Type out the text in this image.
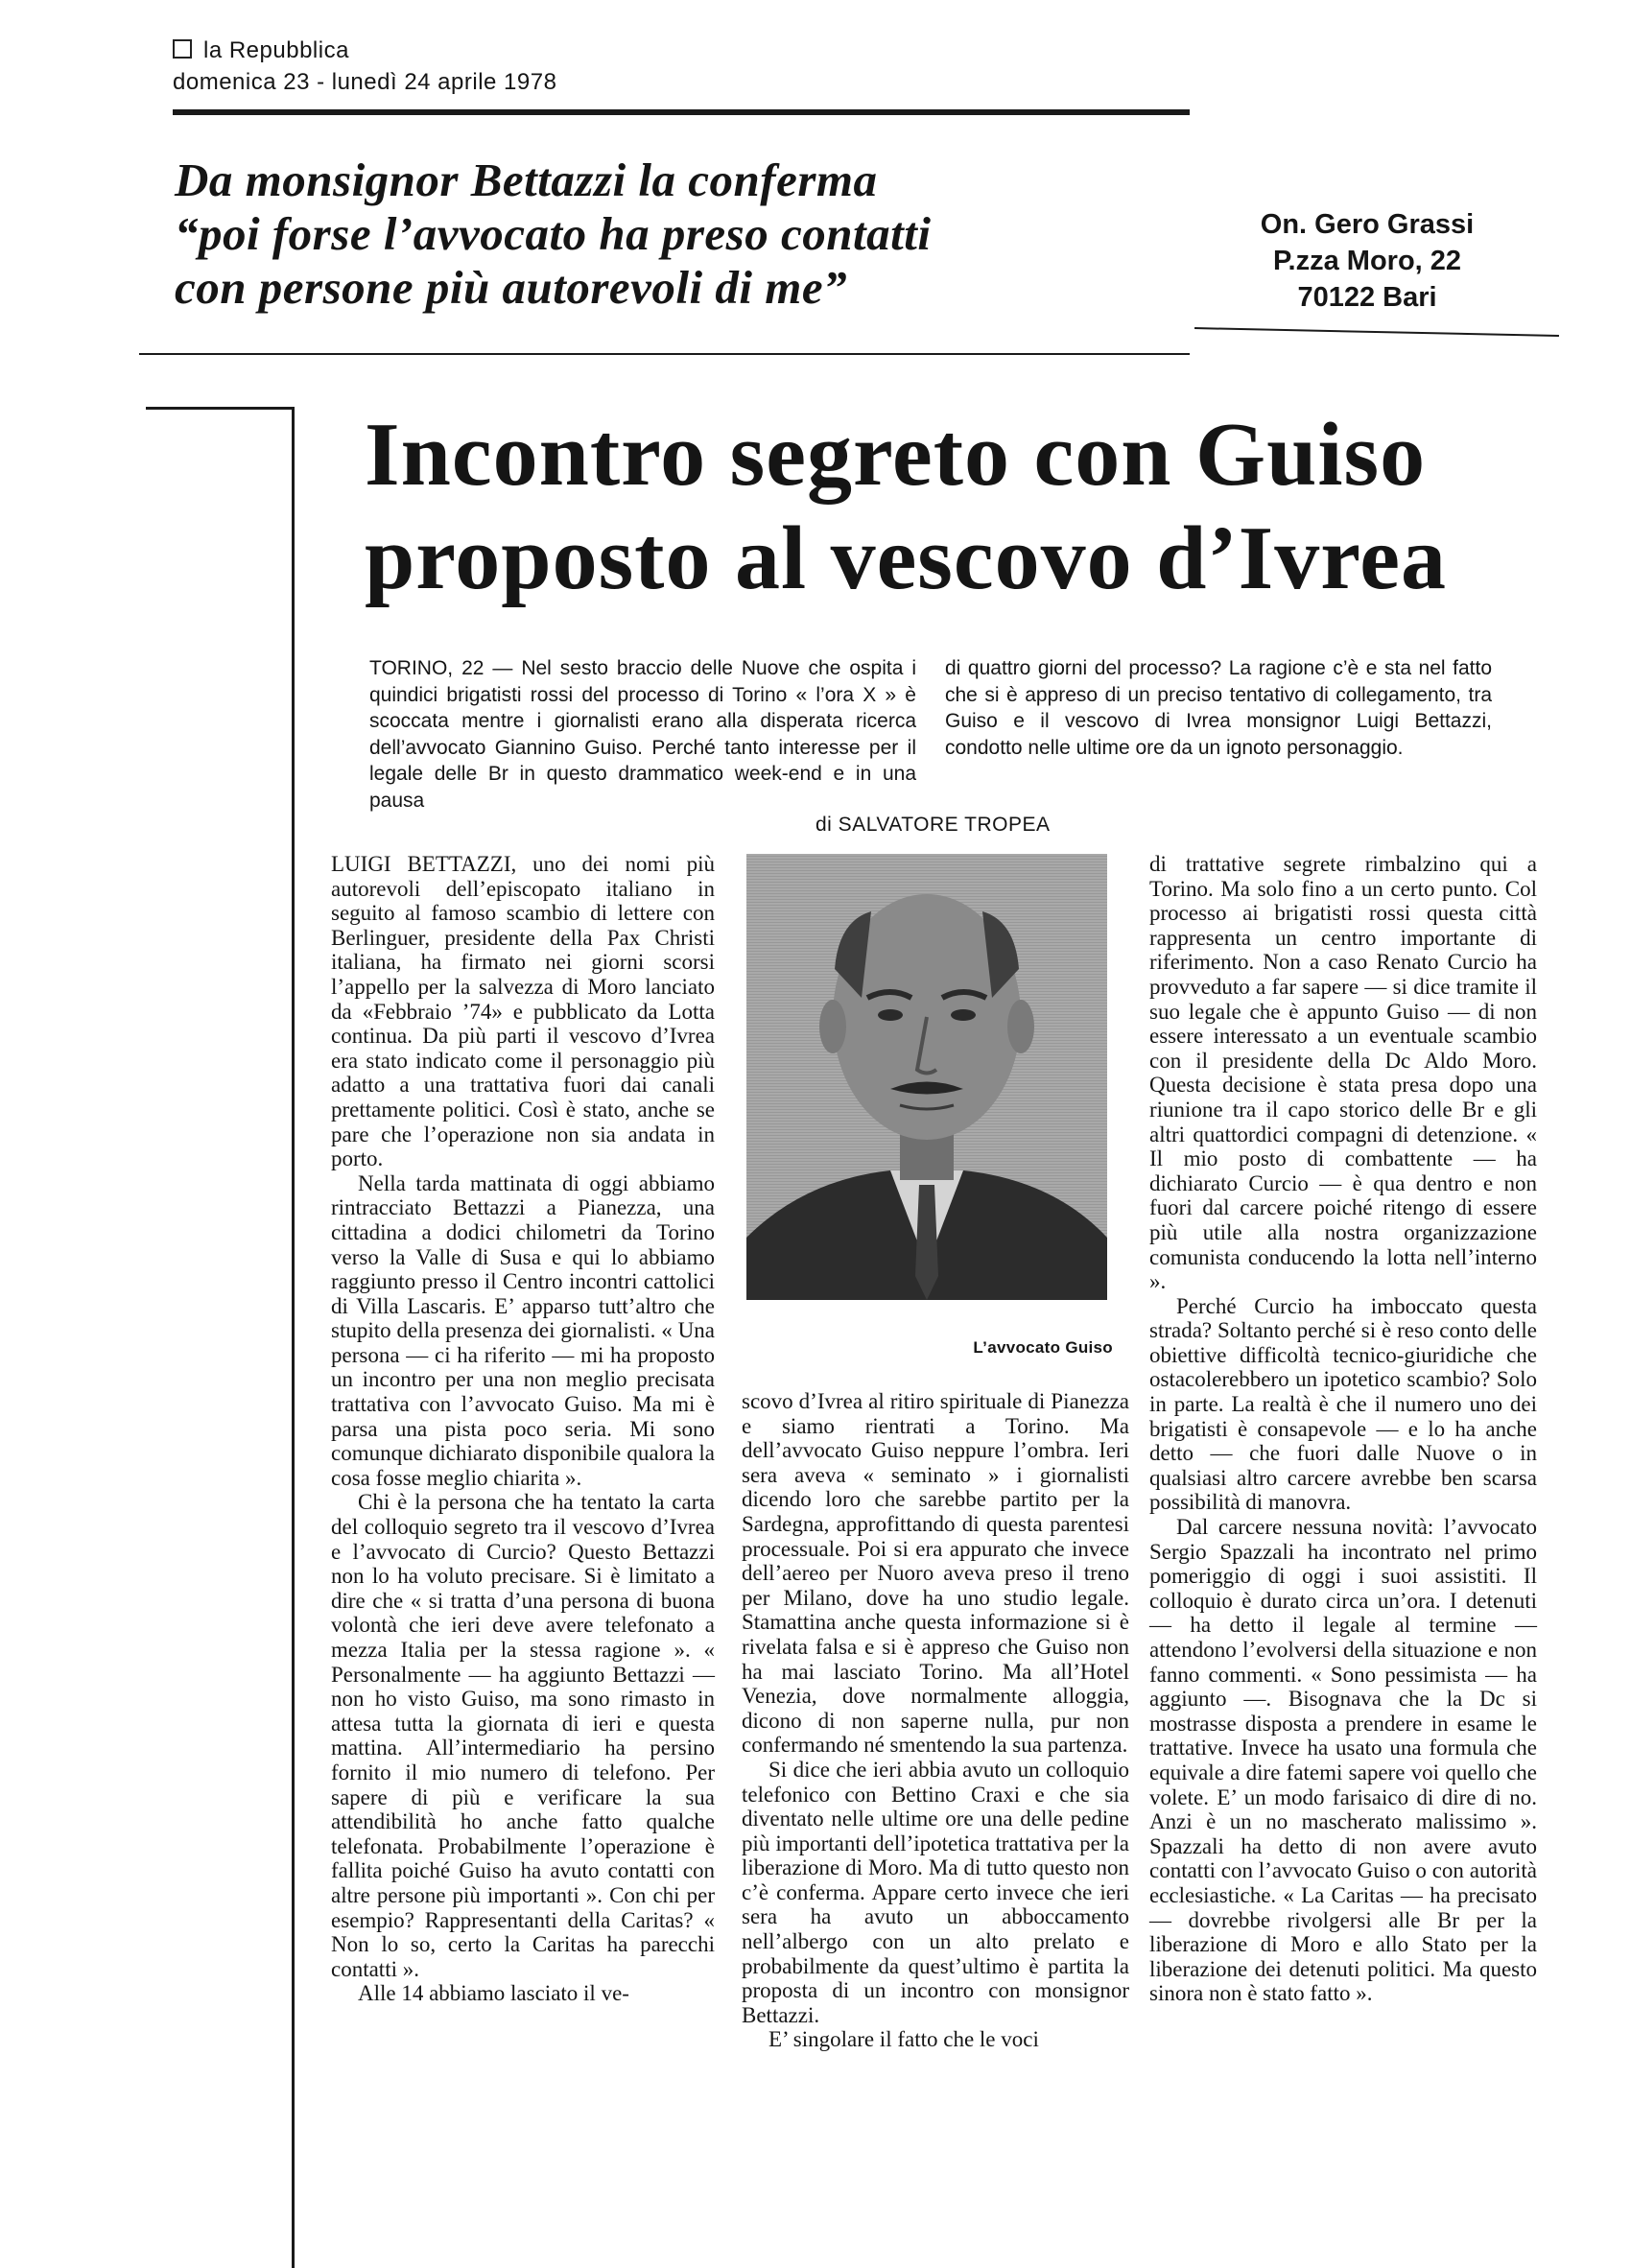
la Repubblica
domenica 23 - lunedì 24 aprile 1978
Da monsignor Bettazzi la conferma
“poi forse l’avvocato ha preso contatti
con persone più autorevoli di me”
On. Gero Grassi
P.zza Moro, 22
70122 Bari
Incontro segreto con Guiso
proposto al vescovo d’Ivrea
TORINO, 22 — Nel sesto braccio delle Nuove che ospita i quindici brigatisti rossi del processo di Torino « l’ora X » è scoccata mentre i giornalisti erano alla disperata ricerca dell’avvocato Giannino Guiso. Perché tanto interesse per il legale delle Br in questo drammatico week-end e in una pausa
di quattro giorni del processo? La ragione c’è e sta nel fatto che si è appreso di un preciso tentativo di collegamento, tra Guiso e il vescovo di Ivrea monsignor Luigi Bettazzi, condotto nelle ultime ore da un ignoto personaggio.
di SALVATORE TROPEA

LUIGI BETTAZZI, uno dei nomi più autorevoli dell’episcopato italiano in seguito al famoso scambio di lettere con Berlinguer, presidente della Pax Christi italiana, ha firmato nei giorni scorsi l’appello per la salvezza di Moro lanciato da «Febbraio ’74» e pubblicato da Lotta continua. Da più parti il vescovo d’Ivrea era stato indicato come il personaggio più adatto a una trattativa fuori dai canali prettamente politici. Così è stato, anche se pare che l’operazione non sia andata in porto.

Nella tarda mattinata di oggi abbiamo rintracciato Bettazzi a Pianezza, una cittadina a dodici chilometri da Torino verso la Valle di Susa e qui lo abbiamo raggiunto presso il Centro incontri cattolici di Villa Lascaris. E’ apparso tutt’altro che stupito della presenza dei giornalisti. « Una persona — ci ha riferito — mi ha proposto un incontro per una non meglio precisata trattativa con l’avvocato Guiso. Ma mi è parsa una pista poco seria. Mi sono comunque dichiarato disponibile qualora la cosa fosse meglio chiarita ».

Chi è la persona che ha tentato la carta del colloquio segreto tra il vescovo d’Ivrea e l’avvocato di Curcio? Questo Bettazzi non lo ha voluto precisare. Si è limitato a dire che « si tratta d’una persona di buona volontà che ieri deve avere telefonato a mezza Italia per la stessa ragione ». « Personalmente — ha aggiunto Bettazzi — non ho visto Guiso, ma sono rimasto in attesa tutta la giornata di ieri e questa mattina. All’intermediario ha persino fornito il mio numero di telefono. Per sapere di più e verificare la sua attendibilità ho anche fatto qualche telefonata. Probabilmente l’operazione è fallita poiché Guiso ha avuto contatti con altre persone più importanti ». Con chi per esempio? Rappresentanti della Caritas? « Non lo so, certo la Caritas ha parecchi contatti ».

Alle 14 abbiamo lasciato il ve-

L’avvocato Guiso

scovo d’Ivrea al ritiro spirituale di Pianezza e siamo rientrati a Torino. Ma dell’avvocato Guiso neppure l’ombra. Ieri sera aveva « seminato » i giornalisti dicendo loro che sarebbe partito per la Sardegna, approfittando di questa parentesi processuale. Poi si era appurato che invece dell’aereo per Nuoro aveva preso il treno per Milano, dove ha uno studio legale. Stamattina anche questa informazione si è rivelata falsa e si è appreso che Guiso non ha mai lasciato Torino. Ma all’Hotel Venezia, dove normalmente alloggia, dicono di non saperne nulla, pur non confermando né smentendo la sua partenza.

Si dice che ieri abbia avuto un colloquio telefonico con Bettino Craxi e che sia diventato nelle ultime ore una delle pedine più importanti dell’ipotetica trattativa per la liberazione di Moro. Ma di tutto questo non c’è conferma. Appare certo invece che ieri sera ha avuto un abboccamento nell’albergo con un alto prelato e probabilmente da quest’ultimo è partita la proposta di un incontro con monsignor Bettazzi.

E’ singolare il fatto che le voci

di trattative segrete rimbalzino qui a Torino. Ma solo fino a un certo punto. Col processo ai brigatisti rossi questa città rappresenta un centro importante di riferimento. Non a caso Renato Curcio ha provveduto a far sapere — si dice tramite il suo legale che è appunto Guiso — di non essere interessato a un eventuale scambio con il presidente della Dc Aldo Moro. Questa decisione è stata presa dopo una riunione tra il capo storico delle Br e gli altri quattordici compagni di detenzione. « Il mio posto di combattente — ha dichiarato Curcio — è qua dentro e non fuori dal carcere poiché ritengo di essere più utile alla nostra organizzazione comunista conducendo la lotta nell’interno ».

Perché Curcio ha imboccato questa strada? Soltanto perché si è reso conto delle obiettive difficoltà tecnico-giuridiche che ostacolerebbero un ipotetico scambio? Solo in parte. La realtà è che il numero uno dei brigatisti è consapevole — e lo ha anche detto — che fuori dalle Nuove o in qualsiasi altro carcere avrebbe ben scarsa possibilità di manovra.

Dal carcere nessuna novità: l’avvocato Sergio Spazzali ha incontrato nel primo pomeriggio di oggi i suoi assistiti. Il colloquio è durato circa un’ora. I detenuti — ha detto il legale al termine — attendono l’evolversi della situazione e non fanno commenti. « Sono pessimista — ha aggiunto —. Bisognava che la Dc si mostrasse disposta a prendere in esame le trattative. Invece ha usato una formula che equivale a dire fatemi sapere voi quello che volete. E’ un modo farisaico di dire di no. Anzi è un no mascherato malissimo ». Spazzali ha detto di non avere avuto contatti con l’avvocato Guiso o con autorità ecclesiastiche. « La Caritas — ha precisato — dovrebbe rivolgersi alle Br per la liberazione di Moro e allo Stato per la liberazione dei detenuti politici. Ma questo sinora non è stato fatto ».
